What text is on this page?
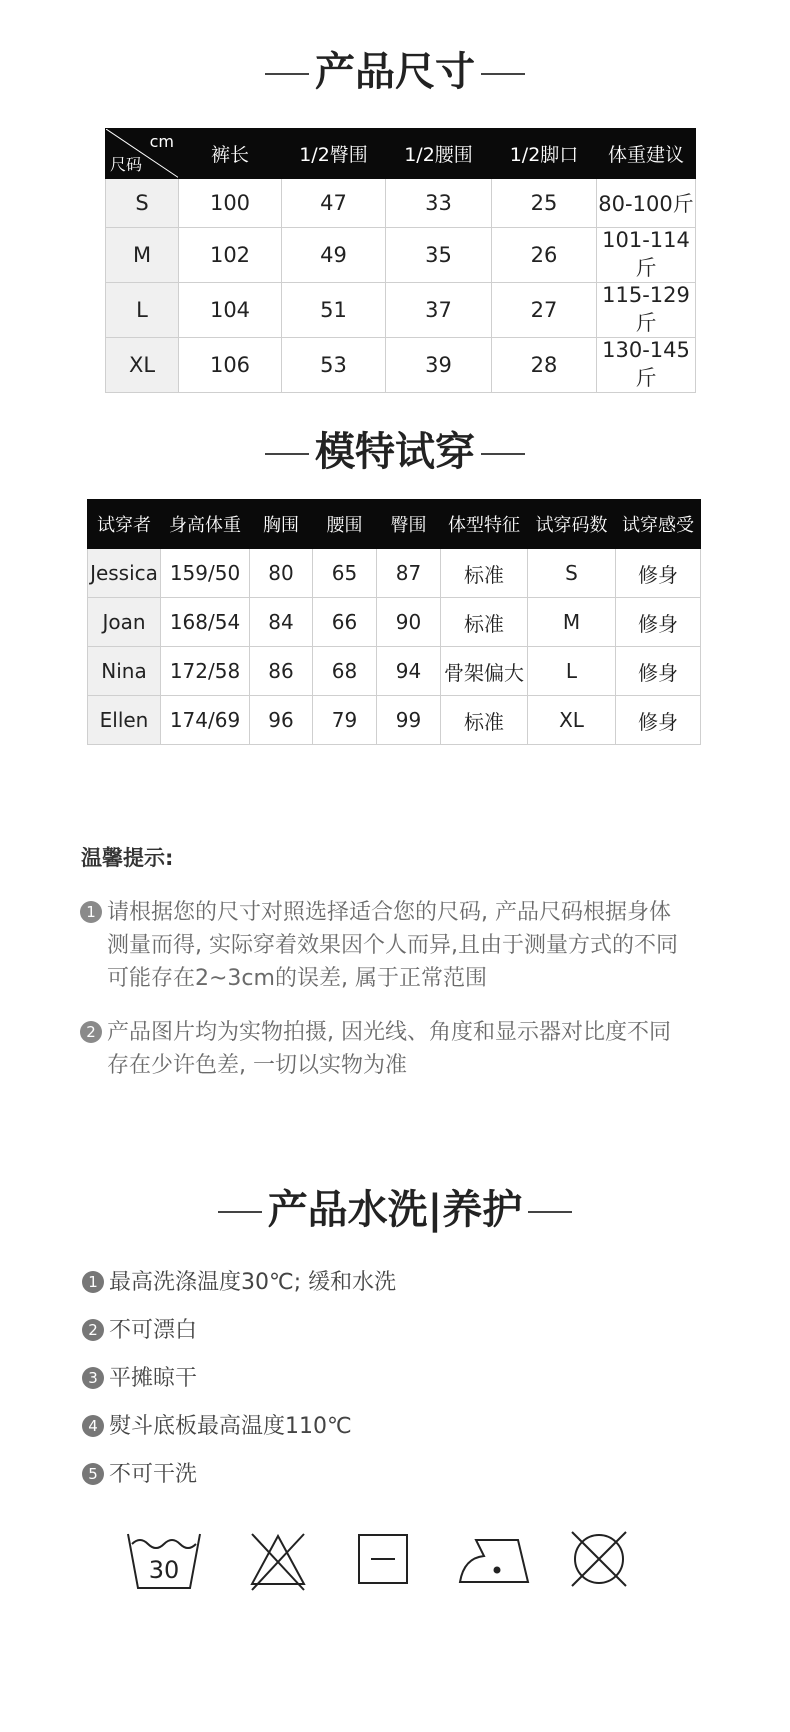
产品尺寸
cm
尺码	裤长	1/2臀围	1/2腰围	1/2脚口	体重建议
S	100	47	33	25	80-100斤
M	102	49	35	26	101-114斤
L	104	51	37	27	115-129斤
XL	106	53	39	28	130-145斤
模特试穿
试穿者	身高体重	胸围	腰围	臀围	体型特征	试穿码数	试穿感受
Jessica	159/50	80	65	87	标准	S	修身
Joan	168/54	84	66	90	标准	M	修身
Nina	172/58	86	68	94	骨架偏大	L	修身
Ellen	174/69	96	79	99	标准	XL	修身
温馨提示:
1 请根据您的尺寸对照选择适合您的尺码, 产品尺码根据身体
测量而得, 实际穿着效果因个人而异,且由于测量方式的不同
可能存在2~3cm的误差, 属于正常范围
2 产品图片均为实物拍摄, 因光线、角度和显示器对比度不同
存在少许色差, 一切以实物为准
产品水洗|养护
1 最高洗涤温度30℃; 缓和水洗
2 不可漂白
3 平摊晾干
4 熨斗底板最高温度110℃
5 不可干洗
30
